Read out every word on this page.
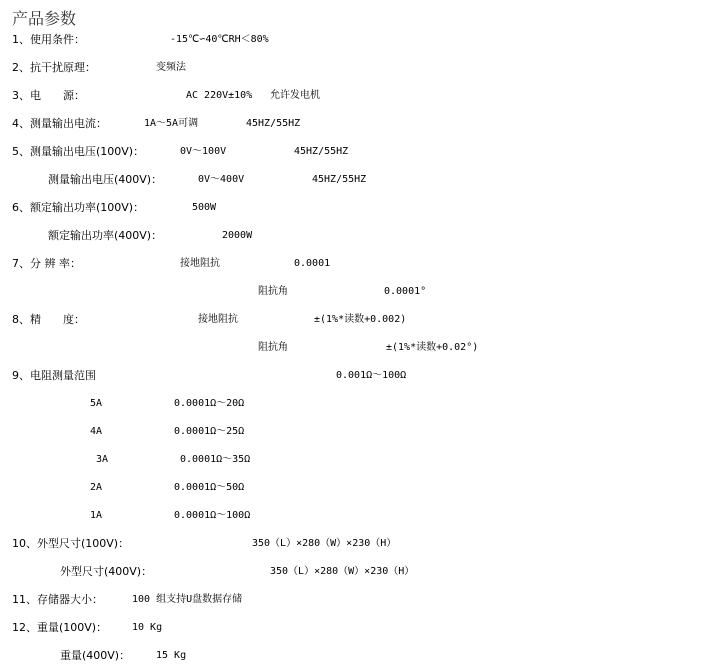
产品参数
1、使用条件：	-15℃∽40℃RH＜80%
2、抗干扰原理：	变频法
3、电　　源：	AC 220V±10% 允许发电机
4、测量输出电流：	1A～5A可调	45HZ/55HZ
5、测量输出电压(100V)：	0V～100V	45HZ/55HZ
测量输出电压(400V)：	0V～400V	45HZ/55HZ
6、额定输出功率(100V)：	500W
额定输出功率(400V)：	2000W
7、分 辨 率：	接地阻抗	0.0001
阻抗角	0.0001°
8、精　　度：	接地阻抗	±(1%*读数+0.002)
阻抗角	±(1%*读数+0.02°)
9、电阻测量范围	0.001Ω～100Ω
5A	0.0001Ω～20Ω
4A	0.0001Ω～25Ω
3A	0.0001Ω～35Ω
2A	0.0001Ω～50Ω
1A	0.0001Ω～100Ω
10、外型尺寸(100V)：	350（L）×280（W）×230（H）
外型尺寸(400V)：	350（L）×280（W）×230（H）
11、存储器大小：	100 组支持U盘数据存储
12、重量(100V)： 10 Kg
重量(400V)：	15 Kg
